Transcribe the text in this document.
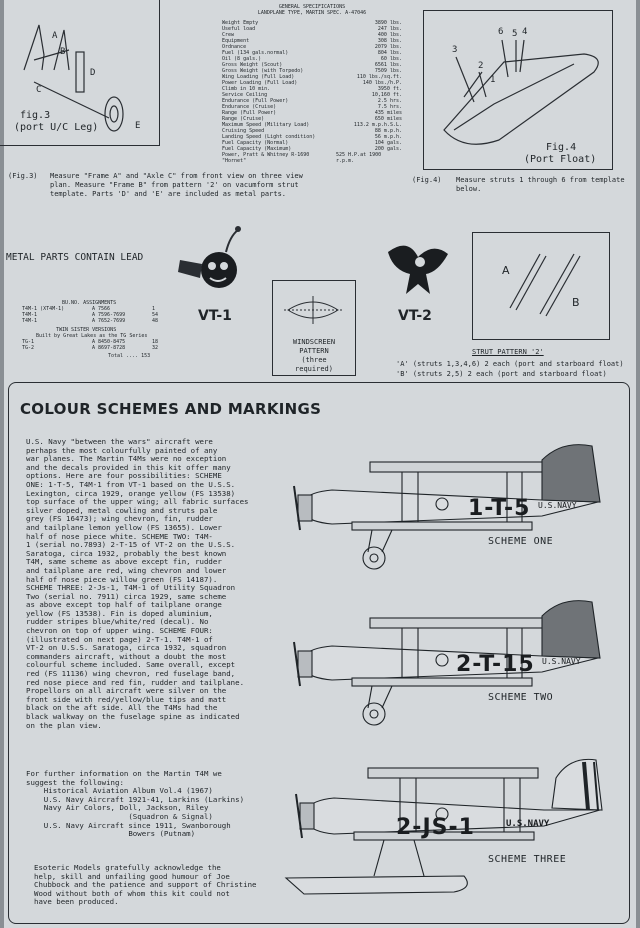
A
B
C
D
E
fig.3
(port U/C Leg)
GENERAL SPECIFICATIONS
LANDPLANE TYPE, MARTIN SPEC. A-47046
Weight Empty	3890 lbs.
Useful load	247 lbs.
Crew	400 lbs.
Equipment	308 lbs.
Ordnance	2079 lbs.
Fuel (134 gals.normal)	804 lbs.
Oil (8 gals.)	60 lbs.
Gross Weight (Scout)	6561 lbs.
Gross Weight (with Torpedo)	7509 lbs.
Wing Loading (Full Load)	110 lbs./sq.ft.
Power Loading (Full Load)	140 lbs./h.P.
Climb in 10 min.	3950 ft.
Service Ceiling	10,160 ft.
Endurance (Full Power)	2.5 hrs.
Endurance (Cruise)	7.5 hrs.
Range (Full Power)	435 miles
Range (Cruise)	650 miles
Maximum Speed (Military Load)	113.2 m.p.h.S.L.
Cruising Speed	88 m.p.h.
Landing Speed (Light condition)	56 m.p.h.
Fuel Capacity (Normal)	104 gals.
Fuel Capacity (Maximum)	200 gals.
Power, Pratt & Whitney R-1690 "Hornet"
525 H.P.at 1900 r.p.m.
3
2
1
6 5 4
Fig.4
(Port Float)
(Fig.3) Measure "Frame A" and "Axle C" from front view on three view plan. Measure "Frame B" from pattern '2' on vacumform strut template. Parts 'D' and 'E' are included as metal parts.
(Fig.4) Measure struts 1 through 6 from template below.
METAL PARTS CONTAIN LEAD
BU.NO. ASSIGNMENTS
T4M-1 (XT4M-1)	A 7566	1
T4M-1	A 7596-7699	54
T4M-1	A 7652-7699	48
TWIN SISTER VERSIONS
Built by Great Lakes as the TG Series
TG-1	A 8450-8475	18
TG-2	A 8697-8728	32
Total .... 153
VT-1
WINDSCREEN
PATTERN
(three
required)
VT-2
A
B
STRUT PATTERN '2'
'A' (struts 1,3,4,6) 2 each (port and starboard float)
'B' (struts 2,5) 2 each (port and starboard float)
COLOUR SCHEMES AND MARKINGS
U.S. Navy "between the wars" aircraft were
perhaps the most colourfully painted of any
war planes. The Martin T4Ms were no exception
and the decals provided in this kit offer many
options. Here are four possibilities: SCHEME
ONE: 1-T-5, T4M-1 from VT-1 based on the U.S.S.
Lexington, circa 1929, orange yellow (FS 13538)
top surface of the upper wing; all fabric surfaces
silver doped, metal cowling and struts pale
grey (FS 16473); wing chevron, fin, rudder
and tailplane lemon yellow (FS 13655). Lower
half of nose piece white. SCHEME TWO: T4M-
1 (serial no.7893) 2-T-15 of VT-2 on the U.S.S.
Saratoga, circa 1932, probably the best known
T4M, same scheme as above except fin, rudder
and tailplane are red, wing chevron and lower
half of nose piece willow green (FS 14187).
SCHEME THREE: 2-Js-1, T4M-1 of Utility Squadron
Two (serial no. 7911) circa 1929, same scheme
as above except top half of tailplane orange
yellow (FS 13538). Fin is doped aluminium,
rudder stripes blue/white/red (decal). No
chevron on top of upper wing. SCHEME FOUR:
(illustrated on next page) 2-T-1. T4M-1 of
VT-2 on U.S.S. Saratoga, circa 1932, squadron
commanders aircraft, without a doubt the most
colourful scheme included. Same overall, except
red (FS 11136) wing chevron, red fuselage band,
red nose piece and red fin, rudder and tailplane.
Propellors on all aircraft were silver on the
front side with red/yellow/blue tips and matt
black on the aft side. All the T4Ms had the
black walkway on the fuselage spine as indicated
on the plan view.
For further information on the Martin T4M we
suggest the following:
Historical Aviation Album Vol.4 (1967)
U.S. Navy Aircraft 1921-41, Larkins (Larkins)
Navy Air Colors, Doll, Jackson, Riley
(Squadron & Signal)
U.S. Navy Aircraft since 1911, Swanborough
Bowers (Putnam)
Esoteric Models gratefully acknowledge the
help, skill and unfailing good humour of Joe
Chubbock and the patience and support of Christine
Wood without both of whom this kit could not
have been produced.
1-T-5 U.S.NAVY
SCHEME ONE
2-T-15 U.S.NAVY
SCHEME TWO
2-JS-1	U.S.NAVY
SCHEME THREE
